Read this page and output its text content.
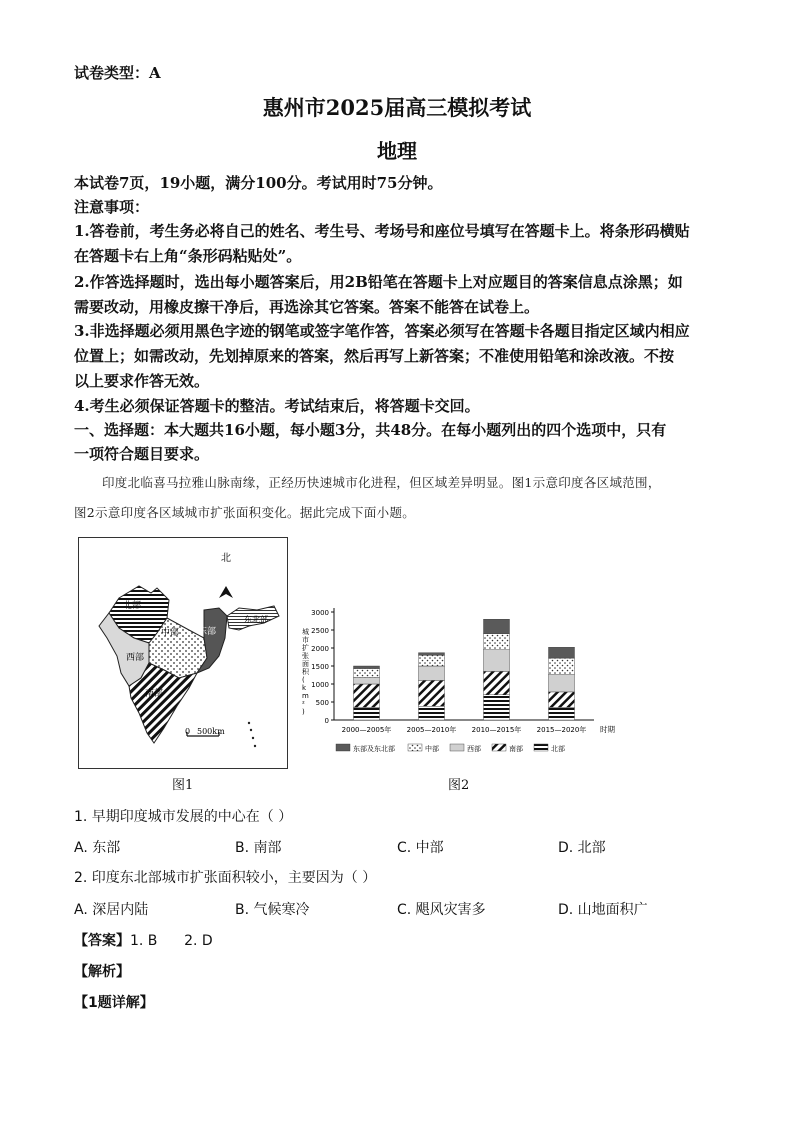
试卷类型：A
惠州市2025届高三模拟考试
地理
本试卷7页，19小题，满分100分。考试用时75分钟。
注意事项：
1.答卷前，考生务必将自己的姓名、考生号、考场号和座位号填写在答题卡上。将条形码横贴
在答题卡右上角“条形码粘贴处”。
2.作答选择题时，选出每小题答案后，用2B铅笔在答题卡上对应题目的答案信息点涂黑；如
需要改动，用橡皮擦干净后，再选涂其它答案。答案不能答在试卷上。
3.非选择题必须用黑色字迹的钢笔或签字笔作答，答案必须写在答题卡各题目指定区域内相应
位置上；如需改动，先划掉原来的答案，然后再写上新答案；不准使用铅笔和涂改液。不按
以上要求作答无效。
4.考生必须保证答题卡的整洁。考试结束后，将答题卡交回。
一、选择题：本大题共16小题，每小题3分，共48分。在每小题列出的四个选项中，只有
一项符合题目要求。
印度北临喜马拉雅山脉南缘，正经历快速城市化进程，但区域差异明显。图1示意印度各区域范围，
图2示意印度各区域城市扩张面积变化。据此完成下面小题。
北
北部
中部 东部
东北部
西部
南部
0 500km
图1
0
500
1000
1500
2000
2500
3000
城市扩张面积( k m ² )
时期
2000—2005年 2005—2010年 2010—2015年 2015—2020年
东部及东北部	中部	西部	南部	北部
图2
1. 早期印度城市发展的中心在（ ）
A. 东部	B. 南部	C. 中部	D. 北部
2. 印度东北部城市扩张面积较小，主要因为（ ）
A. 深居内陆	B. 气候寒冷	C. 飓风灾害多	D. 山地面积广
【答案】1. B      2. D
【解析】
【1题详解】
